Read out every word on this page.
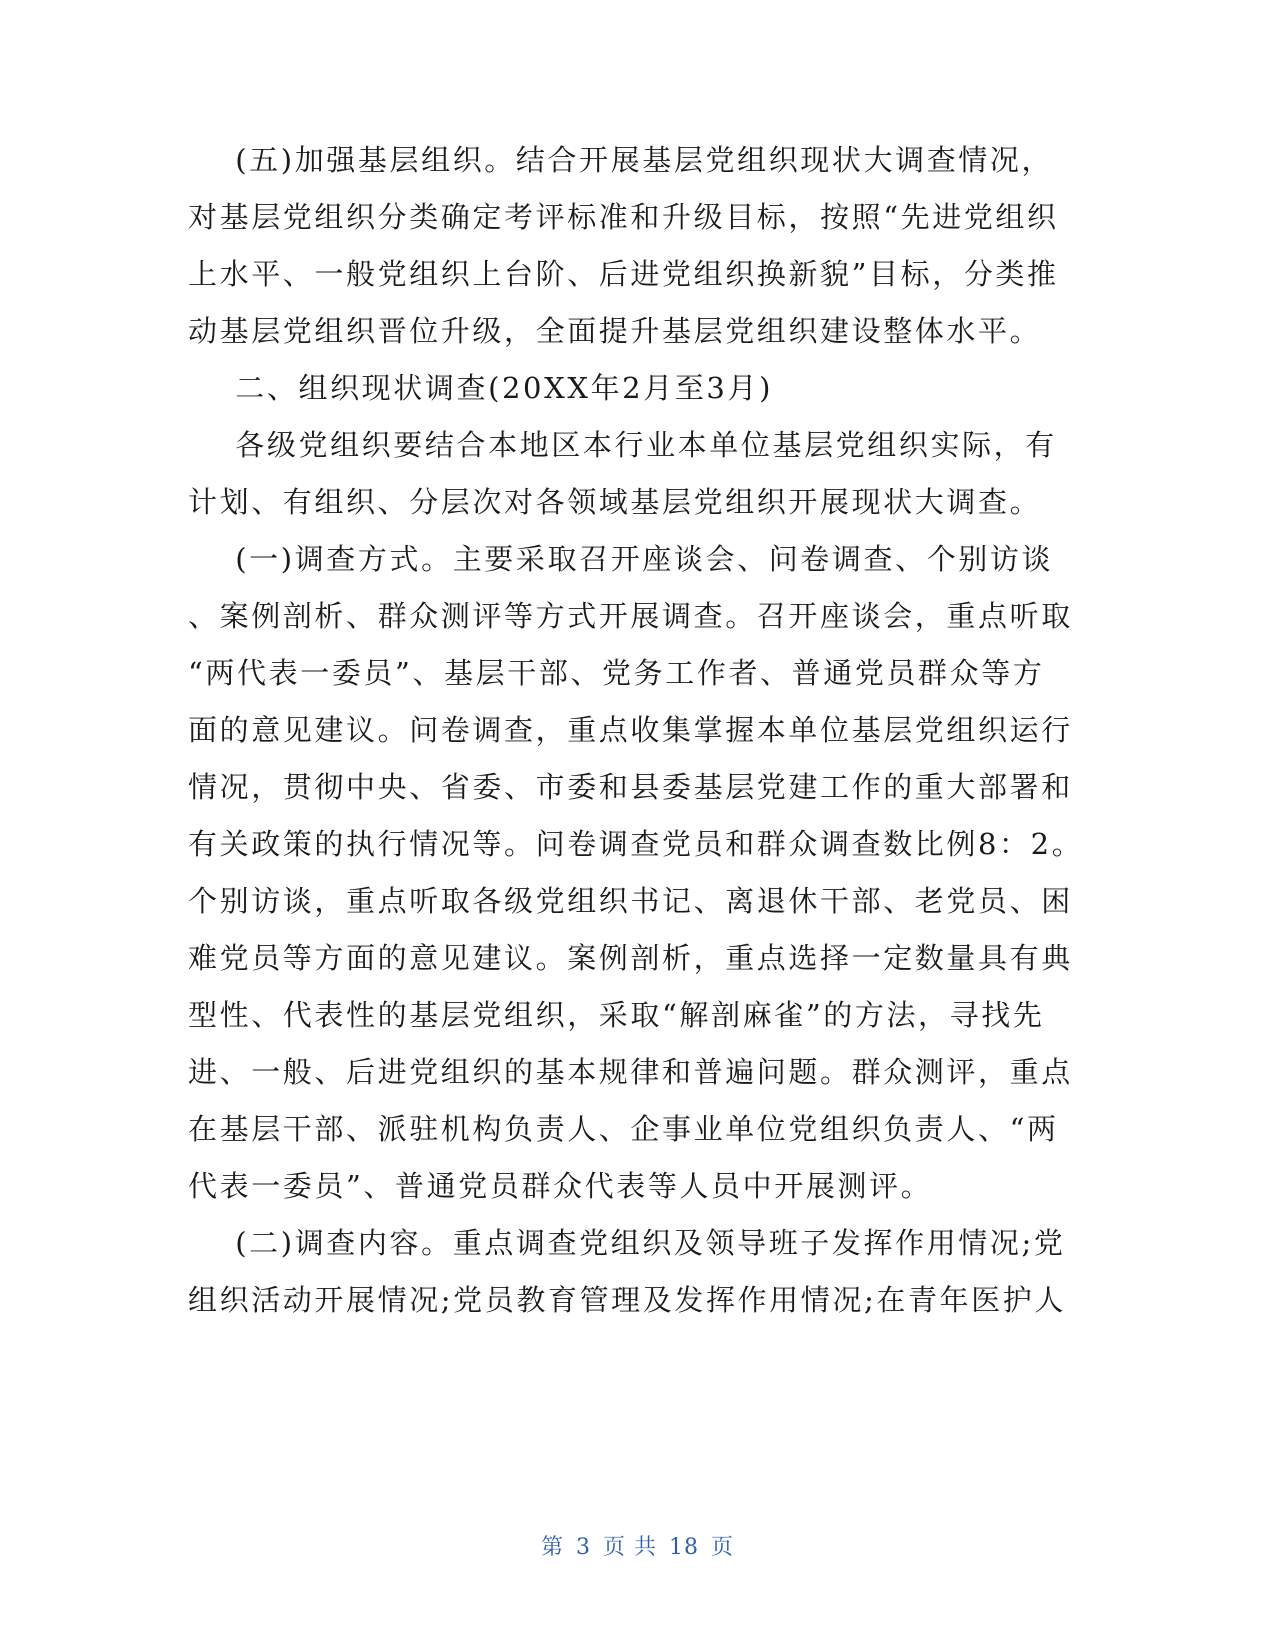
(五)加强基层组织。结合开展基层党组织现状大调查情况，
对基层党组织分类确定考评标准和升级目标，按照“先进党组织
上水平、一般党组织上台阶、后进党组织换新貌”目标，分类推
动基层党组织晋位升级，全面提升基层党组织建设整体水平。
二、组织现状调查(20XX年2月至3月)
各级党组织要结合本地区本行业本单位基层党组织实际，有
计划、有组织、分层次对各领域基层党组织开展现状大调查。
(一)调查方式。主要采取召开座谈会、问卷调查、个别访谈
、案例剖析、群众测评等方式开展调查。召开座谈会，重点听取
“两代表一委员”、基层干部、党务工作者、普通党员群众等方
面的意见建议。问卷调查，重点收集掌握本单位基层党组织运行
情况，贯彻中央、省委、市委和县委基层党建工作的重大部署和
有关政策的执行情况等。问卷调查党员和群众调查数比例8：2。
个别访谈，重点听取各级党组织书记、离退休干部、老党员、困
难党员等方面的意见建议。案例剖析，重点选择一定数量具有典
型性、代表性的基层党组织，采取“解剖麻雀”的方法，寻找先
进、一般、后进党组织的基本规律和普遍问题。群众测评，重点
在基层干部、派驻机构负责人、企事业单位党组织负责人、“两
代表一委员”、普通党员群众代表等人员中开展测评。
(二)调查内容。重点调查党组织及领导班子发挥作用情况;党
组织活动开展情况;党员教育管理及发挥作用情况;在青年医护人
第 3 页 共 18 页
